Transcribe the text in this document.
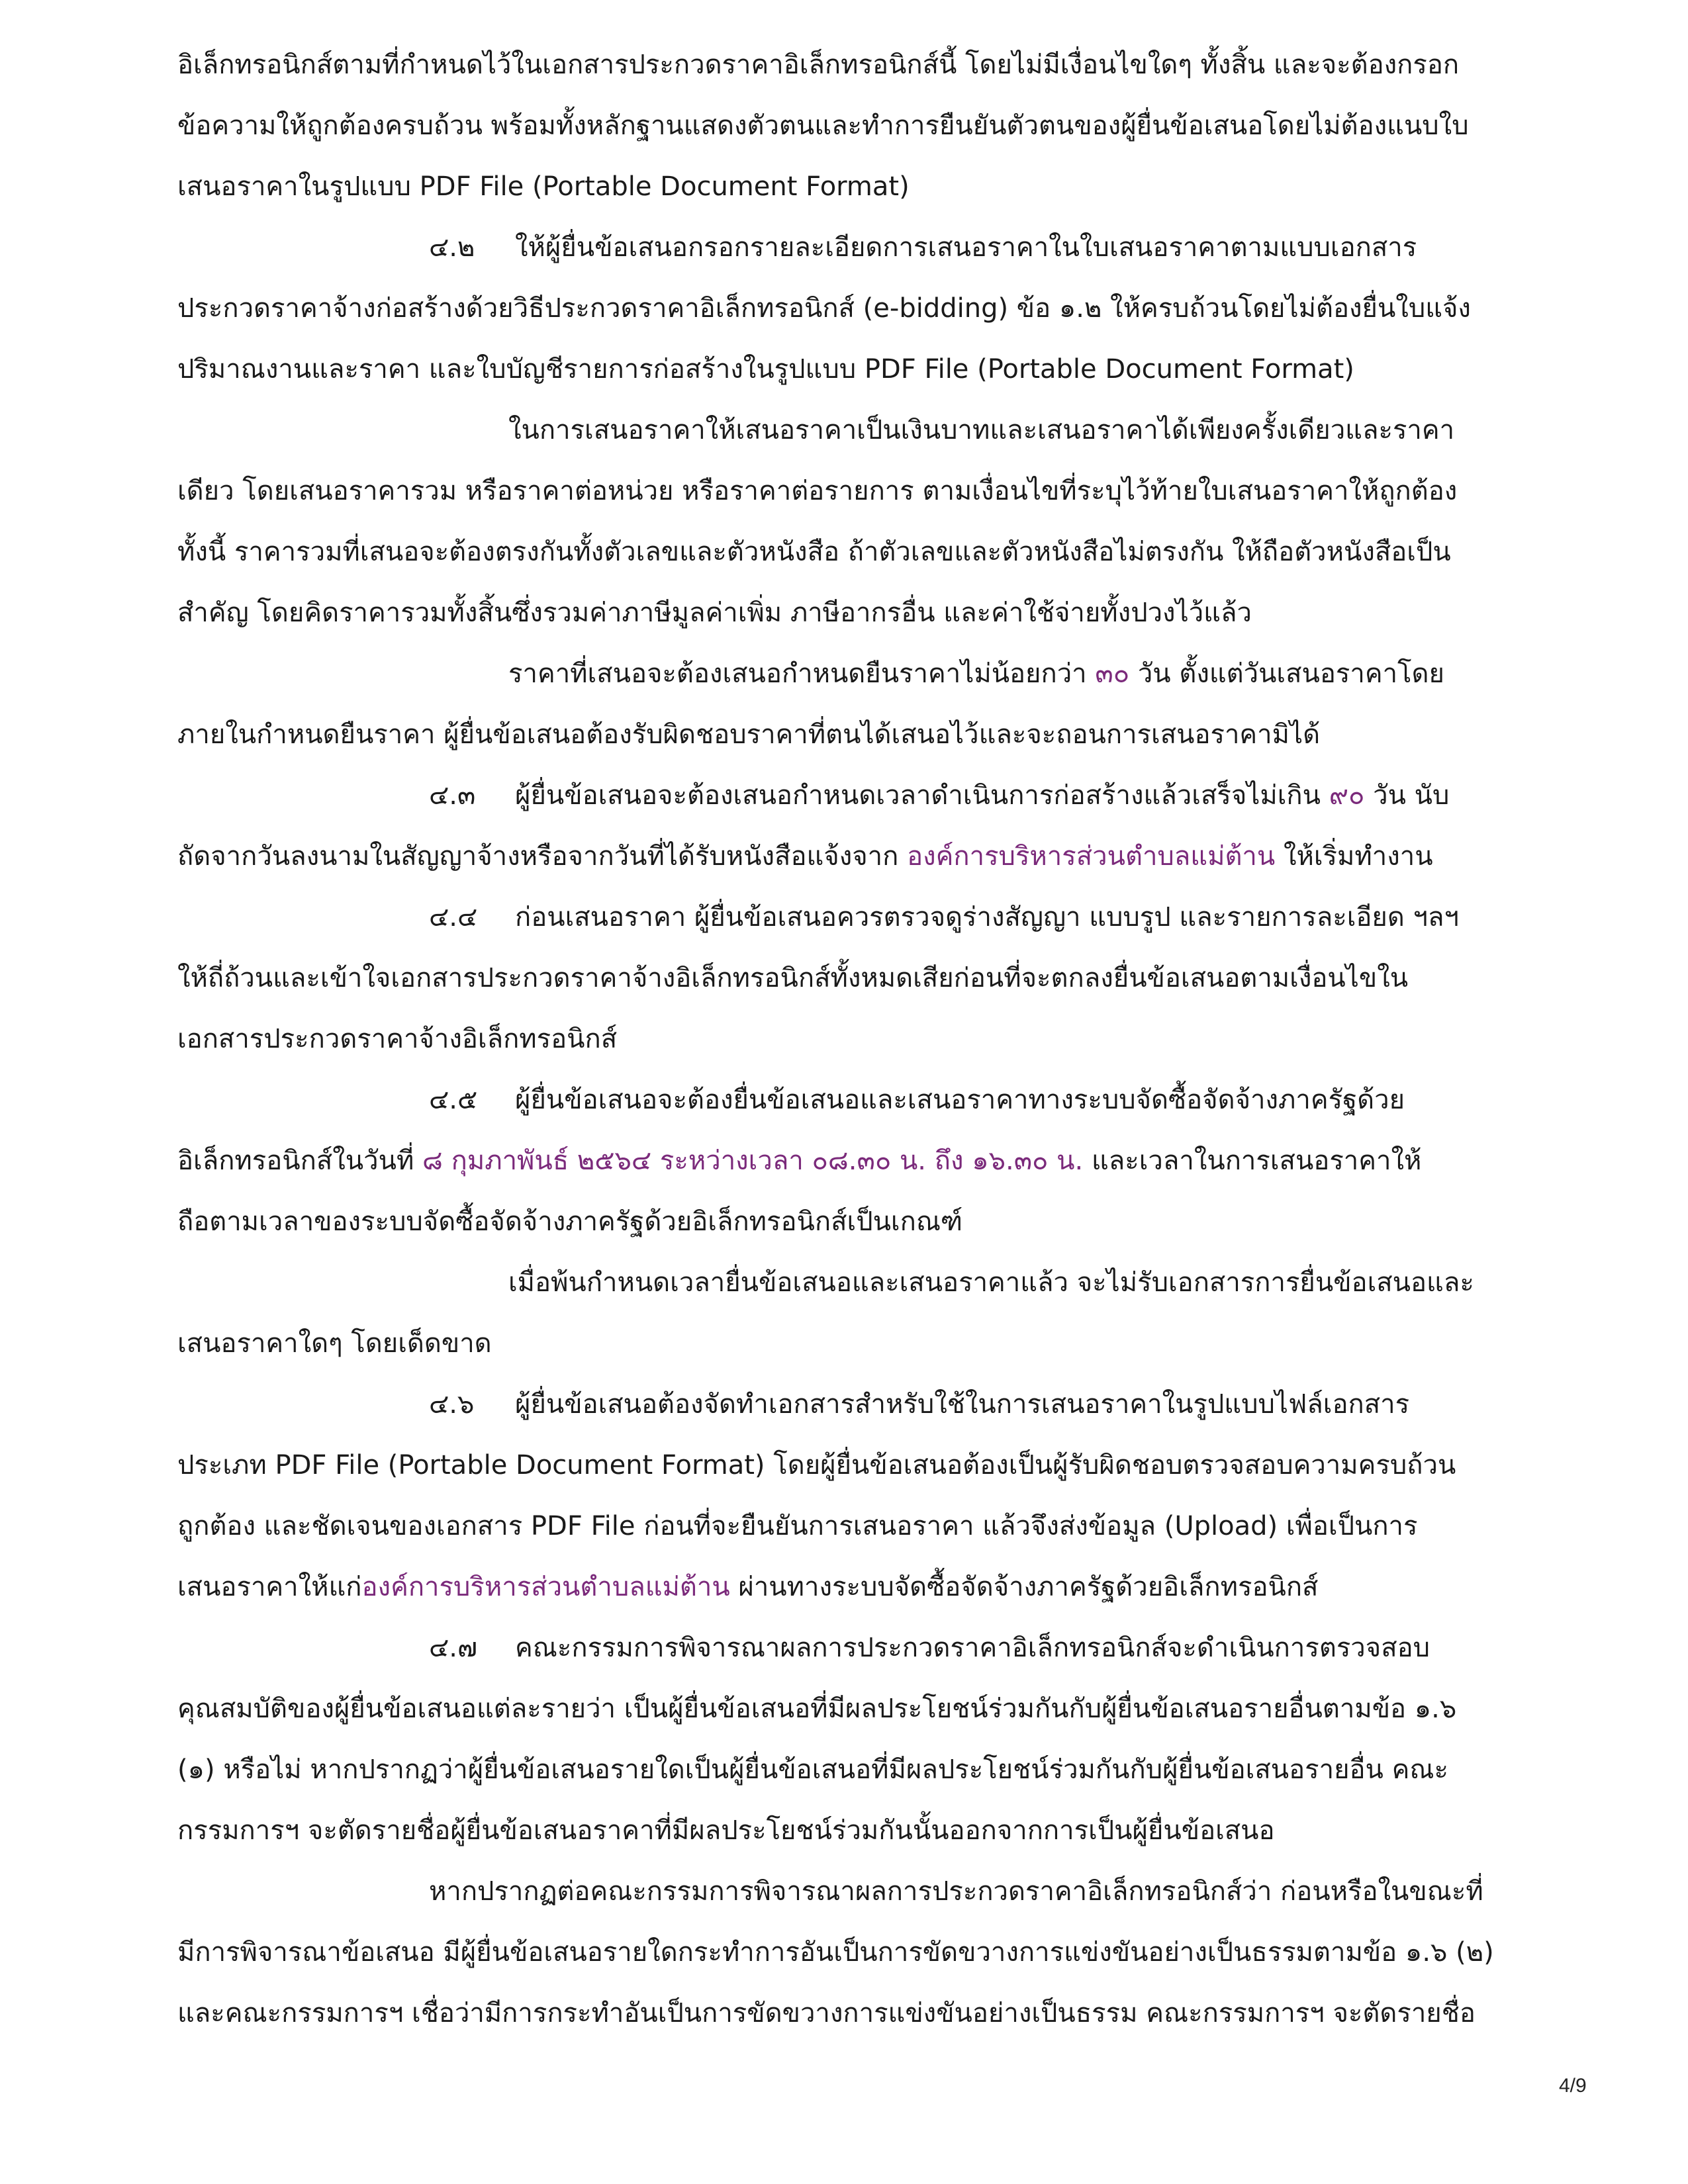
อิเล็กทรอนิกส์ตามที่กำหนดไว้ในเอกสารประกวดราคาอิเล็กทรอนิกส์นี้ โดยไม่มีเงื่อนไขใดๆ ทั้งสิ้น และจะต้องกรอก
ข้อความให้ถูกต้องครบถ้วน พร้อมทั้งหลักฐานแสดงตัวตนและทำการยืนยันตัวตนของผู้ยื่นข้อเสนอโดยไม่ต้องแนบใบ
เสนอราคาในรูปแบบ PDF File (Portable Document Format)
๔.๒ ให้ผู้ยื่นข้อเสนอกรอกรายละเอียดการเสนอราคาในใบเสนอราคาตามแบบเอกสาร
ประกวดราคาจ้างก่อสร้างด้วยวิธีประกวดราคาอิเล็กทรอนิกส์ (e-bidding) ข้อ ๑.๒ ให้ครบถ้วนโดยไม่ต้องยื่นใบแจ้ง
ปริมาณงานและราคา และใบบัญชีรายการก่อสร้างในรูปแบบ PDF File (Portable Document Format)
ในการเสนอราคาให้เสนอราคาเป็นเงินบาทและเสนอราคาได้เพียงครั้งเดียวและราคา
เดียว โดยเสนอราคารวม หรือราคาต่อหน่วย หรือราคาต่อรายการ ตามเงื่อนไขที่ระบุไว้ท้ายใบเสนอราคาให้ถูกต้อง
ทั้งนี้ ราคารวมที่เสนอจะต้องตรงกันทั้งตัวเลขและตัวหนังสือ ถ้าตัวเลขและตัวหนังสือไม่ตรงกัน ให้ถือตัวหนังสือเป็น
สำคัญ โดยคิดราคารวมทั้งสิ้นซึ่งรวมค่าภาษีมูลค่าเพิ่ม ภาษีอากรอื่น และค่าใช้จ่ายทั้งปวงไว้แล้ว
ราคาที่เสนอจะต้องเสนอกำหนดยืนราคาไม่น้อยกว่า ๓๐ วัน ตั้งแต่วันเสนอราคาโดย
ภายในกำหนดยืนราคา ผู้ยื่นข้อเสนอต้องรับผิดชอบราคาที่ตนได้เสนอไว้และจะถอนการเสนอราคามิได้
๔.๓ ผู้ยื่นข้อเสนอจะต้องเสนอกำหนดเวลาดำเนินการก่อสร้างแล้วเสร็จไม่เกิน ๙๐ วัน นับ
ถัดจากวันลงนามในสัญญาจ้างหรือจากวันที่ได้รับหนังสือแจ้งจาก องค์การบริหารส่วนตำบลแม่ต้าน ให้เริ่มทำงาน
๔.๔ ก่อนเสนอราคา ผู้ยื่นข้อเสนอควรตรวจดูร่างสัญญา แบบรูป และรายการละเอียด ฯลฯ
ให้ถี่ถ้วนและเข้าใจเอกสารประกวดราคาจ้างอิเล็กทรอนิกส์ทั้งหมดเสียก่อนที่จะตกลงยื่นข้อเสนอตามเงื่อนไขใน
เอกสารประกวดราคาจ้างอิเล็กทรอนิกส์
๔.๕ ผู้ยื่นข้อเสนอจะต้องยื่นข้อเสนอและเสนอราคาทางระบบจัดซื้อจัดจ้างภาครัฐด้วย
อิเล็กทรอนิกส์ในวันที่ ๘ กุมภาพันธ์ ๒๕๖๔ ระหว่างเวลา ๐๘.๓๐ น. ถึง ๑๖.๓๐ น. และเวลาในการเสนอราคาให้
ถือตามเวลาของระบบจัดซื้อจัดจ้างภาครัฐด้วยอิเล็กทรอนิกส์เป็นเกณฑ์
เมื่อพ้นกำหนดเวลายื่นข้อเสนอและเสนอราคาแล้ว จะไม่รับเอกสารการยื่นข้อเสนอและ
เสนอราคาใดๆ โดยเด็ดขาด
๔.๖ ผู้ยื่นข้อเสนอต้องจัดทำเอกสารสำหรับใช้ในการเสนอราคาในรูปแบบไฟล์เอกสาร
ประเภท PDF File (Portable Document Format) โดยผู้ยื่นข้อเสนอต้องเป็นผู้รับผิดชอบตรวจสอบความครบถ้วน
ถูกต้อง และชัดเจนของเอกสาร PDF File ก่อนที่จะยืนยันการเสนอราคา แล้วจึงส่งข้อมูล (Upload) เพื่อเป็นการ
เสนอราคาให้แก่องค์การบริหารส่วนตำบลแม่ต้าน ผ่านทางระบบจัดซื้อจัดจ้างภาครัฐด้วยอิเล็กทรอนิกส์
๔.๗ คณะกรรมการพิจารณาผลการประกวดราคาอิเล็กทรอนิกส์จะดำเนินการตรวจสอบ
คุณสมบัติของผู้ยื่นข้อเสนอแต่ละรายว่า เป็นผู้ยื่นข้อเสนอที่มีผลประโยชน์ร่วมกันกับผู้ยื่นข้อเสนอรายอื่นตามข้อ ๑.๖
(๑) หรือไม่ หากปรากฏว่าผู้ยื่นข้อเสนอรายใดเป็นผู้ยื่นข้อเสนอที่มีผลประโยชน์ร่วมกันกับผู้ยื่นข้อเสนอรายอื่น คณะ
กรรมการฯ จะตัดรายชื่อผู้ยื่นข้อเสนอราคาที่มีผลประโยชน์ร่วมกันนั้นออกจากการเป็นผู้ยื่นข้อเสนอ
หากปรากฏต่อคณะกรรมการพิจารณาผลการประกวดราคาอิเล็กทรอนิกส์ว่า ก่อนหรือในขณะที่
มีการพิจารณาข้อเสนอ มีผู้ยื่นข้อเสนอรายใดกระทำการอันเป็นการขัดขวางการแข่งขันอย่างเป็นธรรมตามข้อ ๑.๖ (๒)
และคณะกรรมการฯ เชื่อว่ามีการกระทำอันเป็นการขัดขวางการแข่งขันอย่างเป็นธรรม คณะกรรมการฯ จะตัดรายชื่อ
4/9
